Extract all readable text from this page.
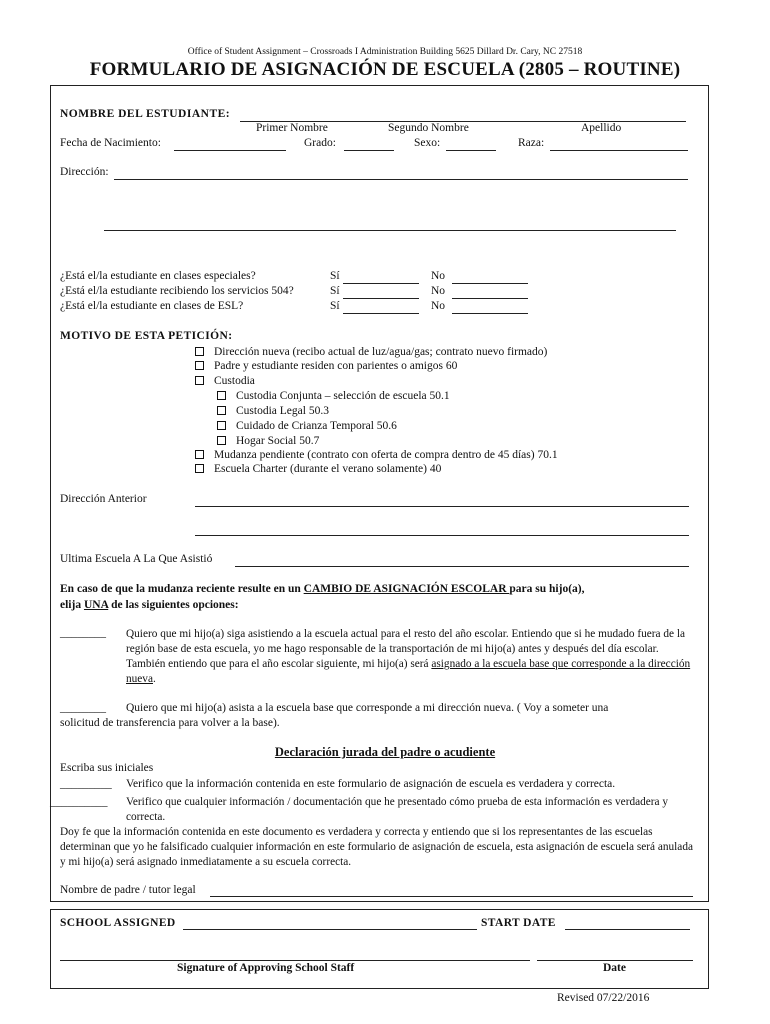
Office of Student Assignment – Crossroads I Administration Building 5625 Dillard Dr. Cary, NC 27518
FORMULARIO DE ASIGNACIÓN DE ESCUELA (2805 – ROUTINE)
NOMBRE DEL ESTUDIANTE:
Primer Nombre	Segundo Nombre	Apellido
Fecha de Nacimiento:	Grado:	Sexo:	Raza:
Dirección:
¿Está el/la estudiante en clases especiales?	Sí	No
¿Está el/la estudiante recibiendo los servicios 504?	Sí	No
¿Está el/la estudiante en clases de ESL?	Sí	No
MOTIVO DE ESTA PETICIÓN:
Dirección nueva (recibo actual de luz/agua/gas; contrato nuevo firmado)
Padre y estudiante residen con parientes o amigos 60
Custodia
Custodia Conjunta – selección de escuela 50.1
Custodia Legal 50.3
Cuidado de Crianza Temporal 50.6
Hogar Social 50.7
Mudanza pendiente (contrato con oferta de compra dentro de 45 días) 70.1
Escuela Charter (durante el verano solamente) 40
Dirección Anterior
Ultima Escuela A La Que Asistió
En caso de que la mudanza reciente resulte en un CAMBIO DE ASIGNACIÓN ESCOLAR para su hijo(a),
elija UNA de las siguientes opciones:
________ Quiero que mi hijo(a) siga asistiendo a la escuela actual para el resto del año escolar. Entiendo que si he mudado fuera de la región base de esta escuela, yo me hago responsable de la transportación de mi hijo(a) antes y después del día escolar. También entiendo que para el año escolar siguiente, mi hijo(a) será asignado a la escuela base que corresponde a la dirección nueva.
________ Quiero que mi hijo(a) asista a la escuela base que corresponde a mi dirección nueva. ( Voy a someter una
solicitud de transferencia para volver a la base).
Declaración jurada del padre o acudiente
Escriba sus iniciales
_________ Verifico que la información contenida en este formulario de asignación de escuela es verdadera y correcta.
__________ Verifico que cualquier información / documentación que he presentado cómo prueba de esta información es verdadera y correcta.
Doy fe que la información contenida en este documento es verdadera y correcta y entiendo que si los representantes de las escuelas determinan que yo he falsificado cualquier información en este formulario de asignación de escuela, esta asignación de escuela será anulada y mi hijo(a) será asignado inmediatamente a su escuela correcta.
Nombre de padre / tutor legal
SCHOOL ASSIGNED	START DATE
Signature of Approving School Staff	Date
Revised 07/22/2016
